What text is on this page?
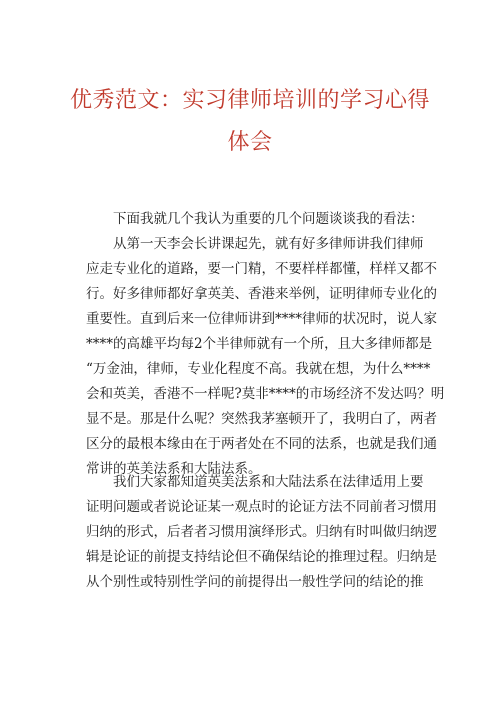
优秀范文：实习律师培训的学习心得
体会
下面我就几个我认为重要的几个问题谈谈我的看法：
从第一天李会长讲课起先，就有好多律师讲我们律师
应走专业化的道路，要一门精，不要样样都懂，样样又都不
行。好多律师都好拿英美、香港来举例，证明律师专业化的
重要性。直到后来一位律师讲到****律师的状况时，说人家
****的高雄平均每2个半律师就有一个所，且大多律师都是
“万金油，律师，专业化程度不高。我就在想，为什么****
会和英美，香港不一样呢?莫非****的市场经济不发达吗？明
显不是。那是什么呢？突然我茅塞顿开了，我明白了，两者
区分的最根本缘由在于两者处在不同的法系，也就是我们通
常讲的英美法系和大陆法系。
我们大家都知道英美法系和大陆法系在法律适用上要
证明问题或者说论证某一观点时的论证方法不同前者习惯用
归纳的形式，后者者习惯用演绎形式。归纳有时叫做归纳逻
辑是论证的前提支持结论但不确保结论的推理过程。归纳是
从个别性或特别性学问的前提得出一般性学问的结论的推
